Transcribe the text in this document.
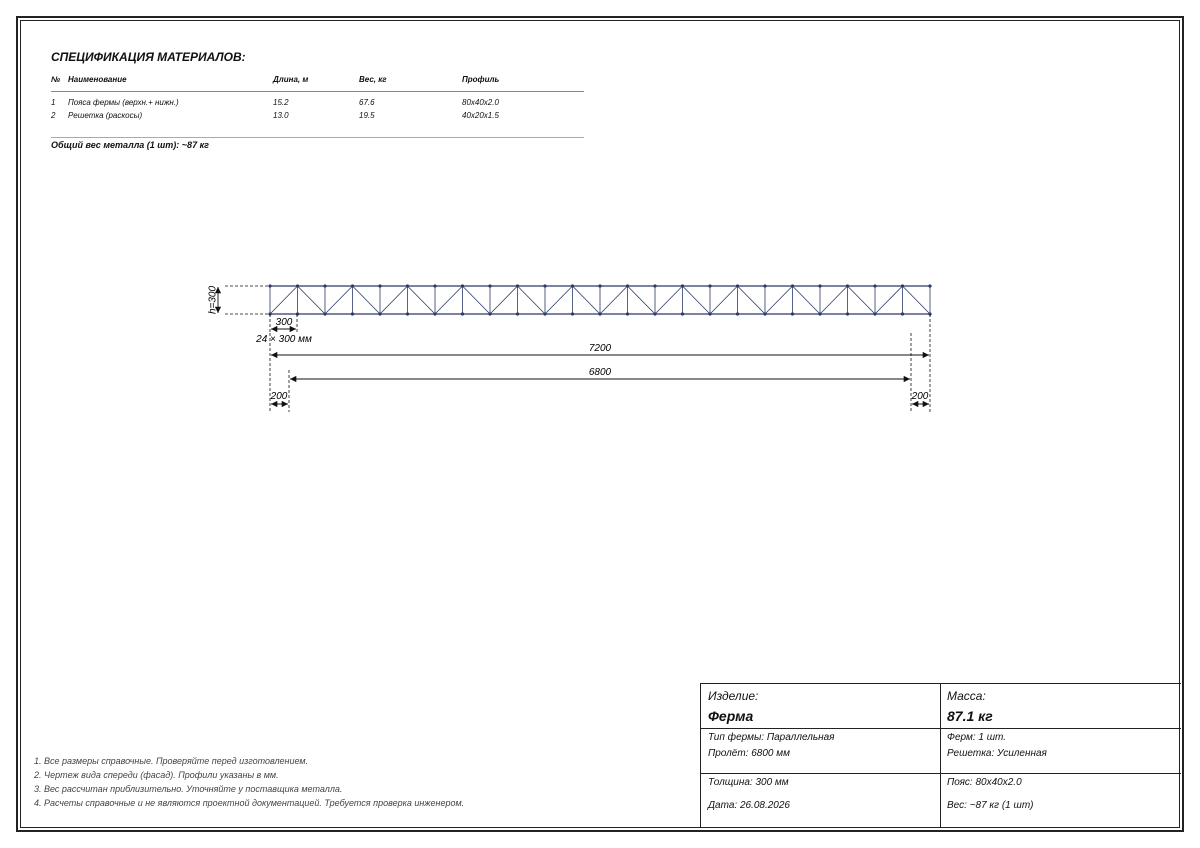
СПЕЦИФИКАЦИЯ МАТЕРИАЛОВ:
№ Наименование	Длина, м	Вес, кг	Профиль
1 Пояса фермы (верхн.+ нижн.)	15.2	67.6	80x40x2.0
2 Решетка (раскосы)	13.0	19.5	40x20x1.5
Общий вес металла (1 шт): ~87 кг
h=300
300
24 × 300 мм
7200
6800
200	200
1. Все размеры справочные. Проверяйте перед изготовлением.
2. Чертеж вида спереди (фасад). Профили указаны в мм.
3. Вес рассчитан приблизительно. Уточняйте у поставщика металла.
4. Расчеты справочные и не являются проектной документацией. Требуется проверка инженером.
Изделие:
Ферма
Масса:
87.1 кг
Тип фермы: Параллельная
Пролёт: 6800 мм
Ферм: 1 шт.
Решетка: Усиленная
Толщина: 300 мм
Дата: 26.08.2026
Пояс: 80x40x2.0
Вес: ~87 кг (1 шт)
